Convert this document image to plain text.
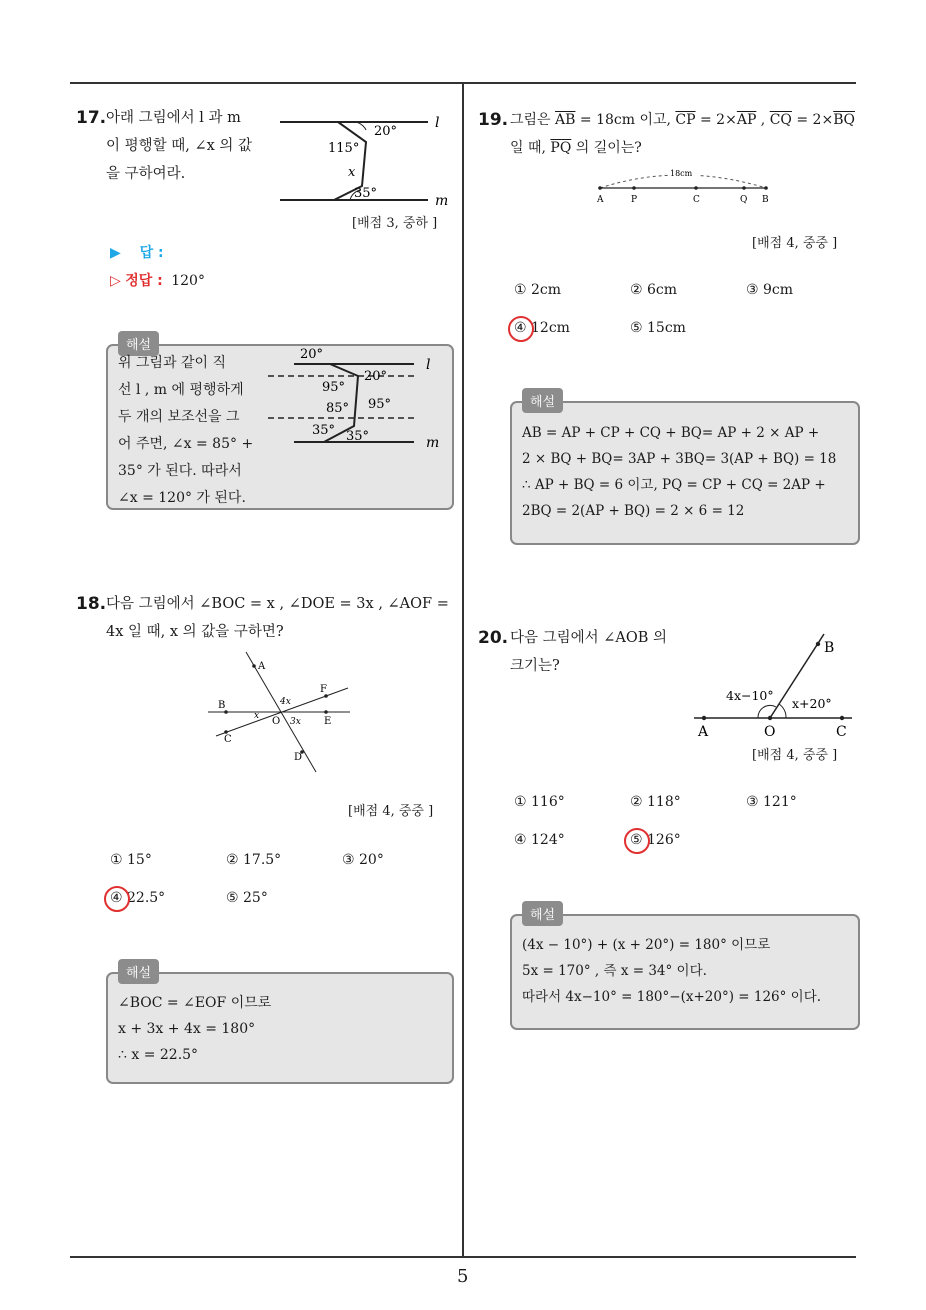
5
17. 아래 그림에서 l 과 m
이 평행할 때, ∠x 의 값
을 구하여라.
l
m
20°
115°
x
35°
[배점 3, 중하 ]
▶ 답 :
▷ 정답 : 120°
해설
위 그림과 같이 직
선 l , m 에 평행하게
두 개의 보조선을 그
어 주면, ∠x = 85° +
35° 가 된다. 따라서
∠x = 120° 가 된다.
20°
95°
20°
85° 95°
35° 35°
l
m
18. 다음 그림에서 ∠BOC = x , ∠DOE = 3x , ∠AOF =
4x 일 때, x 의 값을 구하면?
A
B
C
D
E
F
O
4x
x
3x
[배점 4, 중중 ]
① 15°	② 17.5°	③ 20°
④ 22.5°	⑤ 25°
해설
∠BOC = ∠EOF 이므로
x + 3x + 4x = 180°
∴ x = 22.5°
19. 그림은 $\overline{AB} = 18cm$ 이고, $\overline{CP} = 2\times\overline{AP}$ , $\overline{CQ} = 2\times\overline{BQ}$
일 때, $\overline{PQ}$ 의 길이는?
18cm
A	P	C	Q B
[배점 4, 중중 ]
① 2cm	② 6cm	③ 9cm
④ 12cm	⑤ 15cm
해설
AB = AP + CP + CQ + BQ= AP + 2 × AP +
2 × BQ + BQ= 3AP + 3BQ= 3(AP + BQ) = 18
∴ AP + BQ = 6 이고, PQ = CP + CQ = 2AP +
2BQ = 2(AP + BQ) = 2 × 6 = 12
20. 다음 그림에서 ∠AOB 의
크기는?
B
A	O	C
4x−10°
x+20°
[배점 4, 중중 ]
① 116°	② 118°	③ 121°
④ 124°	⑤ 126°
해설
(4x − 10°) + (x + 20°) = 180° 이므로
5x = 170° , 즉 x = 34° 이다.
따라서 4x−10° = 180°−(x+20°) = 126° 이다.
